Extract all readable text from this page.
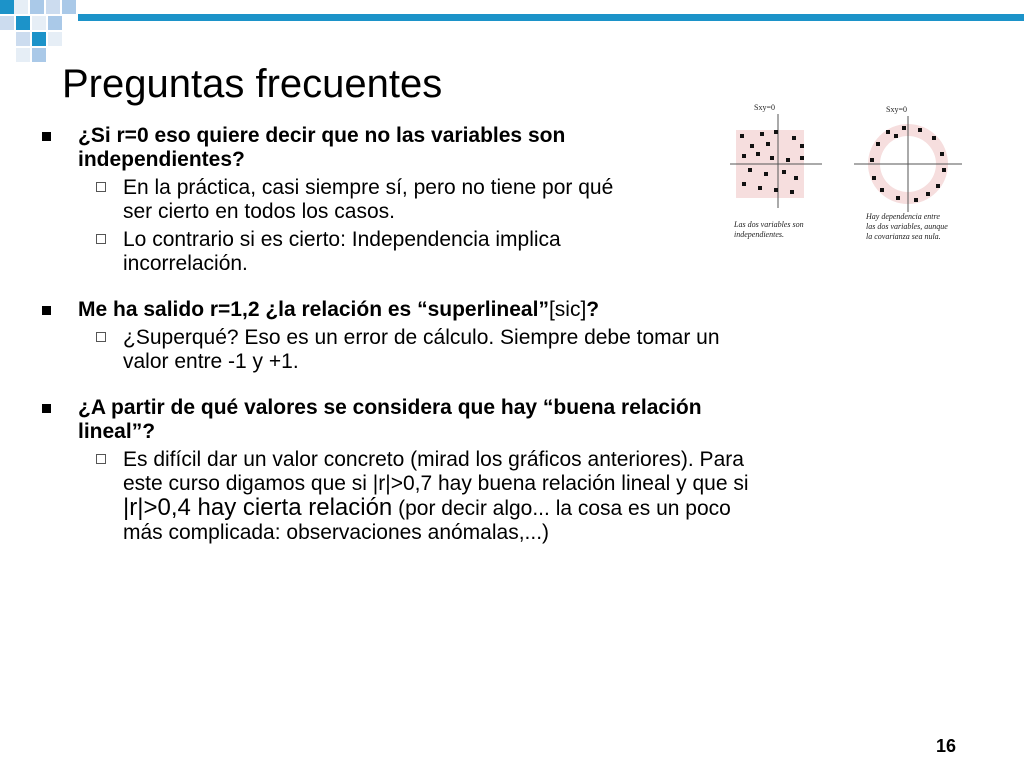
Preguntas frecuentes
¿Si r=0 eso quiere decir que no las variables son independientes?
En la práctica, casi siempre sí, pero no tiene por qué ser cierto en todos los casos.
Lo contrario si es cierto: Independencia implica incorrelación.
Me ha salido r=1,2 ¿la relación es “superlineal”[sic]?
¿Superqué? Eso es un error de cálculo. Siempre debe tomar un valor entre -1 y +1.
¿A partir de qué valores se considera que hay “buena relación lineal”?
Es difícil dar un valor concreto (mirad los gráficos anteriores). Para este curso digamos que si |r|>0,7 hay buena relación lineal y que si |r|>0,4 hay cierta relación (por decir algo... la cosa es un poco más complicada: observaciones anómalas,...)
Sxy=0	Sxy=0
Las dos variables son
independientes.
Hay dependencia entre
las dos variables, aunque
la covarianza sea nula.
16
